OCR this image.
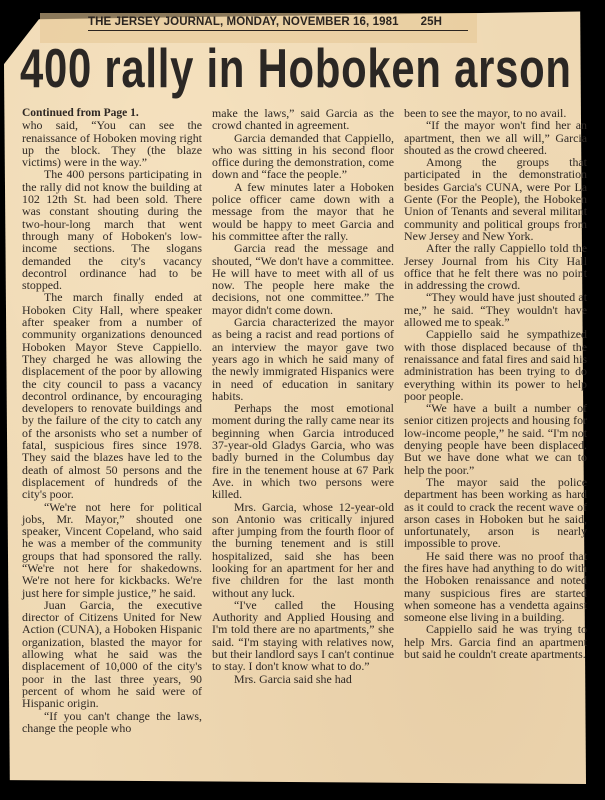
THE JERSEY JOURNAL, MONDAY, NOVEMBER 16, 1981 25H
400 rally in Hoboken arson

Continued from Page 1.

who said, “You can see the renaissance of Hoboken moving right up the block. They (the blaze victims) were in the way.”

The 400 persons participating in the rally did not know the building at 102 12th St. had been sold. There was constant shouting during the two-hour-long march that went through many of Hoboken's low-income sections. The slogans demanded the city's vacancy decontrol ordinance had to be stopped.

The march finally ended at Hoboken City Hall, where speaker after speaker from a number of community organizations denounced Hoboken Mayor Steve Cappiello. They charged he was allowing the displacement of the poor by allowing the city council to pass a vacancy decontrol ordinance, by encouraging developers to renovate buildings and by the failure of the city to catch any of the arsonists who set a number of fatal, suspicious fires since 1978. They said the blazes have led to the death of almost 50 persons and the displacement of hundreds of the city's poor.

“We're not here for political jobs, Mr. Mayor,” shouted one speaker, Vincent Copeland, who said he was a member of the community groups that had sponsored the rally. “We're not here for shakedowns. We're not here for kickbacks. We're just here for simple justice,” he said.

Juan Garcia, the executive director of Citizens United for New Action (CUNA), a Hoboken Hispanic organization, blasted the mayor for allowing what he said was the displacement of 10,000 of the city's poor in the last three years, 90 percent of whom he said were of Hispanic origin.

“If you can't change the laws, change the people who

make the laws,” said Garcia as the crowd chanted in agreement.

Garcia demanded that Cappiello, who was sitting in his second floor office during the demonstration, come down and “face the people.”

A few minutes later a Hoboken police officer came down with a message from the mayor that he would be happy to meet Garcia and his committee after the rally.

Garcia read the message and shouted, “We don't have a committee. He will have to meet with all of us now. The people here make the decisions, not one committee.” The mayor didn't come down.

Garcia characterized the mayor as being a racist and read portions of an interview the mayor gave two years ago in which he said many of the newly immigrated Hispanics were in need of education in sanitary habits.

Perhaps the most emotional moment during the rally came near its beginning when Garcia introduced 37-year-old Gladys Garcia, who was badly burned in the Columbus day fire in the tenement house at 67 Park Ave. in which two persons were killed.

Mrs. Garcia, whose 12-year-old son Antonio was critically injured after jumping from the fourth floor of the burning tenement and is still hospitalized, said she has been looking for an apartment for her and five children for the last month without any luck.

“I've called the Housing Authority and Applied Housing and I'm told there are no apartments,” she said. “I'm staying with relatives now, but their landlord says I can't continue to stay. I don't know what to do.”

Mrs. Garcia said she had

been to see the mayor, to no avail.

“If the mayor won't find her an apartment, then we all will,” Garcia shouted as the crowd cheered.

Among the groups that participated in the demonstration besides Garcia's CUNA, were Por La Gente (For the People), the Hoboken Union of Tenants and several militant community and political groups from New Jersey and New York.

After the rally Cappiello told the Jersey Journal from his City Hall office that he felt there was no point in addressing the crowd.

“They would have just shouted at me,” he said. “They wouldn't have allowed me to speak.”

Cappiello said he sympathized with those displaced because of the renaissance and fatal fires and said his administration has been trying to do everything within its power to help poor people.

“We have a built a number of senior citizen projects and housing for low-income people,” he said. “I'm not denying people have been displaced. But we have done what we can to help the poor.”

The mayor said the police department has been working as hard as it could to crack the recent wave of arson cases in Hoboken but he said, unfortunately, arson is nearly impossible to prove.

He said there was no proof that the fires have had anything to do with the Hoboken renaissance and noted many suspicious fires are started when someone has a vendetta against someone else living in a building.

Cappiello said he was trying to help Mrs. Garcia find an apartment but said he couldn't create apartments.
